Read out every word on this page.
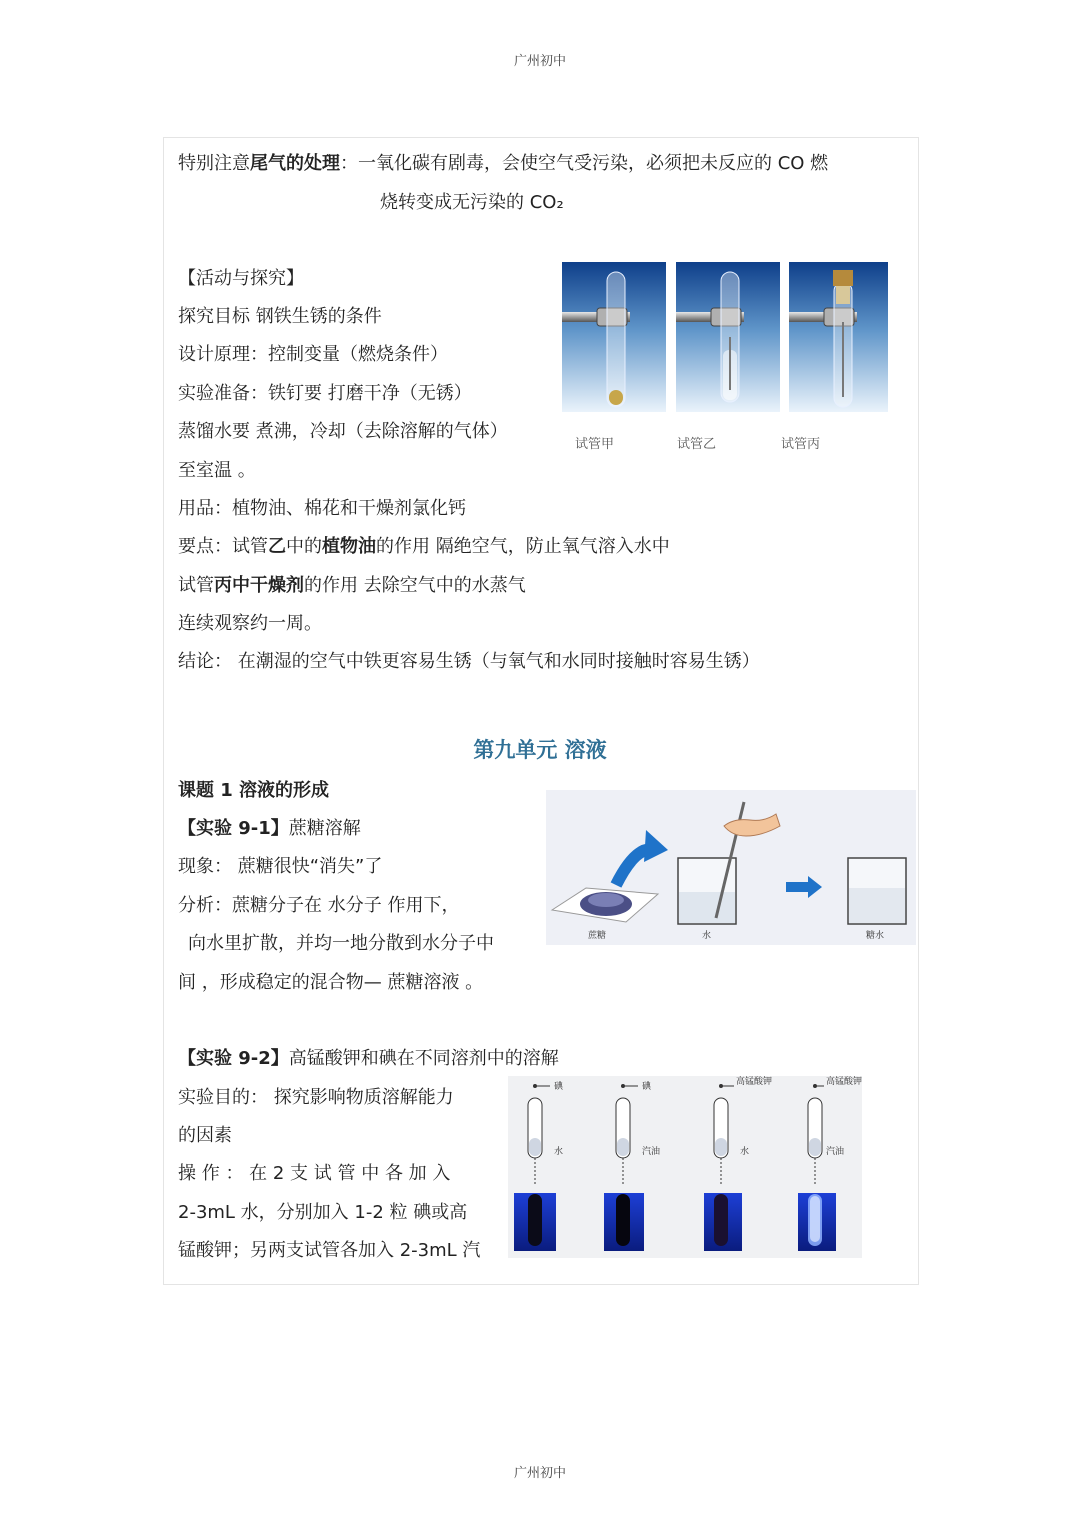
广州初中
特别注意尾气的处理：一氧化碳有剧毒，会使空气受污染，必须把未反应的 CO 燃
烧转变成无污染的 CO₂
【活动与探究】
探究目标 钢铁生锈的条件
设计原理：控制变量（燃烧条件）
实验准备：铁钉要 打磨干净（无锈）
蒸馏水要 煮沸，冷却（去除溶解的气体）
至室温 。
用品：植物油、棉花和干燥剂氯化钙
要点：试管乙中的植物油的作用 隔绝空气，防止氧气溶入水中
试管丙中干燥剂的作用 去除空气中的水蒸气
连续观察约一周。
结论： 在潮湿的空气中铁更容易生锈（与氧气和水同时接触时容易生锈）
试管甲	试管乙	试管丙
第九单元 溶液
课题 1 溶液的形成
【实验 9-1】蔗糖溶解
现象： 蔗糖很快“消失”了
分析：蔗糖分子在 水分子 作用下，
向水里扩散，并均一地分散到水分子中
间 ，形成稳定的混合物— 蔗糖溶液 。
蔗糖	水	糖水
【实验 9-2】高锰酸钾和碘在不同溶剂中的溶解
实验目的： 探究影响物质溶解能力
的因素
操 作 ： 在 2 支 试 管 中 各 加 入
2-3mL 水，分别加入 1-2 粒 碘或高
锰酸钾；另两支试管各加入 2-3mL 汽
碘
水
碘
汽油
高锰酸钾
水
高锰酸钾
汽油
广州初中
